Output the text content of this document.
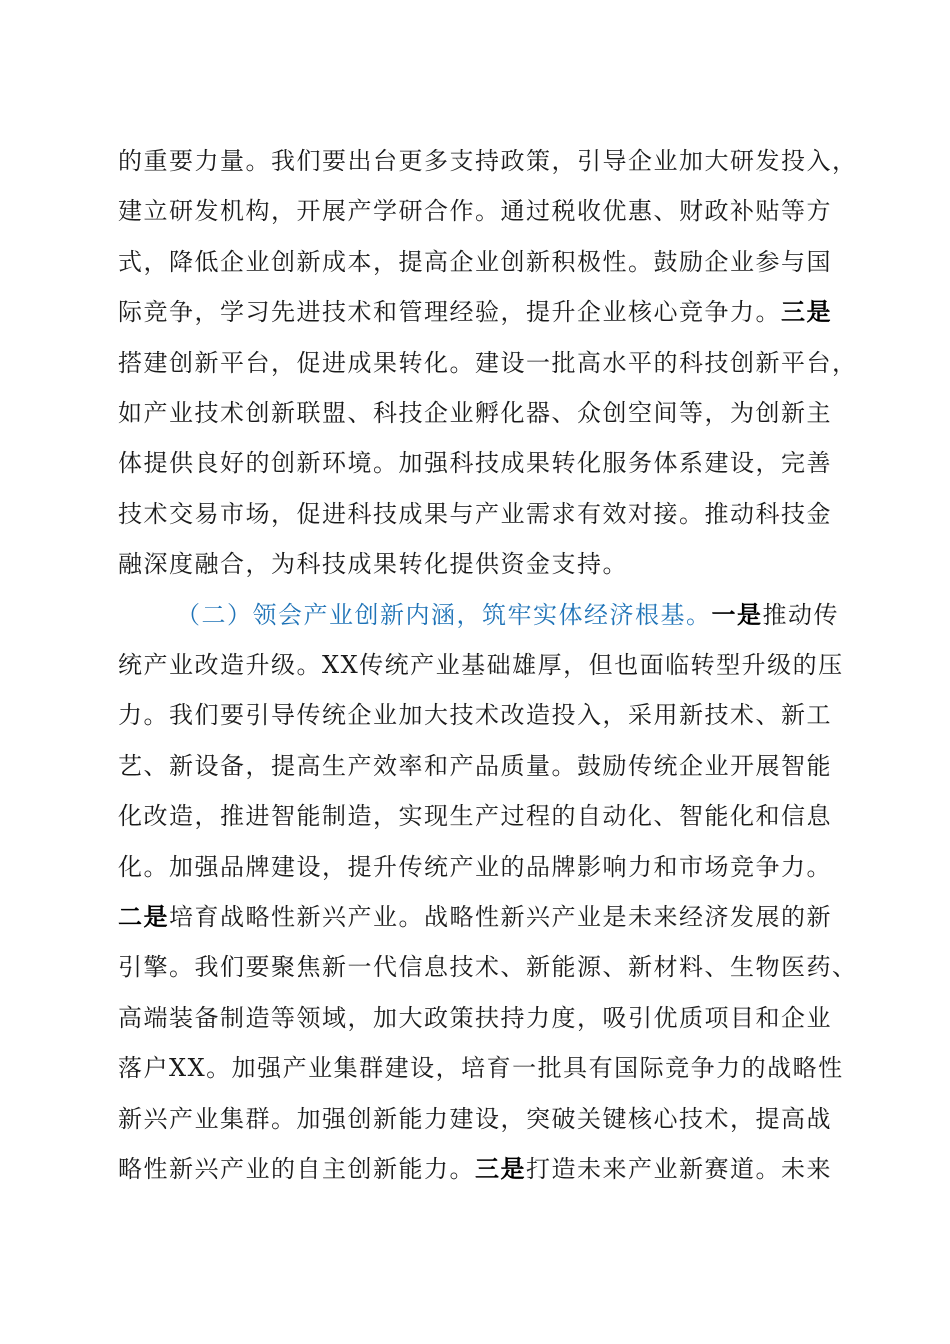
的重要力量。我们要出台更多支持政策，引导企业加大研发投入，
建立研发机构，开展产学研合作。通过税收优惠、财政补贴等方
式，降低企业创新成本，提高企业创新积极性。鼓励企业参与国
际竞争，学习先进技术和管理经验，提升企业核心竞争力。三是
搭建创新平台，促进成果转化。建设一批高水平的科技创新平台，
如产业技术创新联盟、科技企业孵化器、众创空间等，为创新主
体提供良好的创新环境。加强科技成果转化服务体系建设，完善
技术交易市场，促进科技成果与产业需求有效对接。推动科技金
融深度融合，为科技成果转化提供资金支持。
（二）领会产业创新内涵，筑牢实体经济根基。一是推动传
统产业改造升级。XX传统产业基础雄厚，但也面临转型升级的压
力。我们要引导传统企业加大技术改造投入，采用新技术、新工
艺、新设备，提高生产效率和产品质量。鼓励传统企业开展智能
化改造，推进智能制造，实现生产过程的自动化、智能化和信息
化。加强品牌建设，提升传统产业的品牌影响力和市场竞争力。
二是培育战略性新兴产业。战略性新兴产业是未来经济发展的新
引擎。我们要聚焦新一代信息技术、新能源、新材料、生物医药、
高端装备制造等领域，加大政策扶持力度，吸引优质项目和企业
落户XX。加强产业集群建设，培育一批具有国际竞争力的战略性
新兴产业集群。加强创新能力建设，突破关键核心技术，提高战
略性新兴产业的自主创新能力。三是打造未来产业新赛道。未来
